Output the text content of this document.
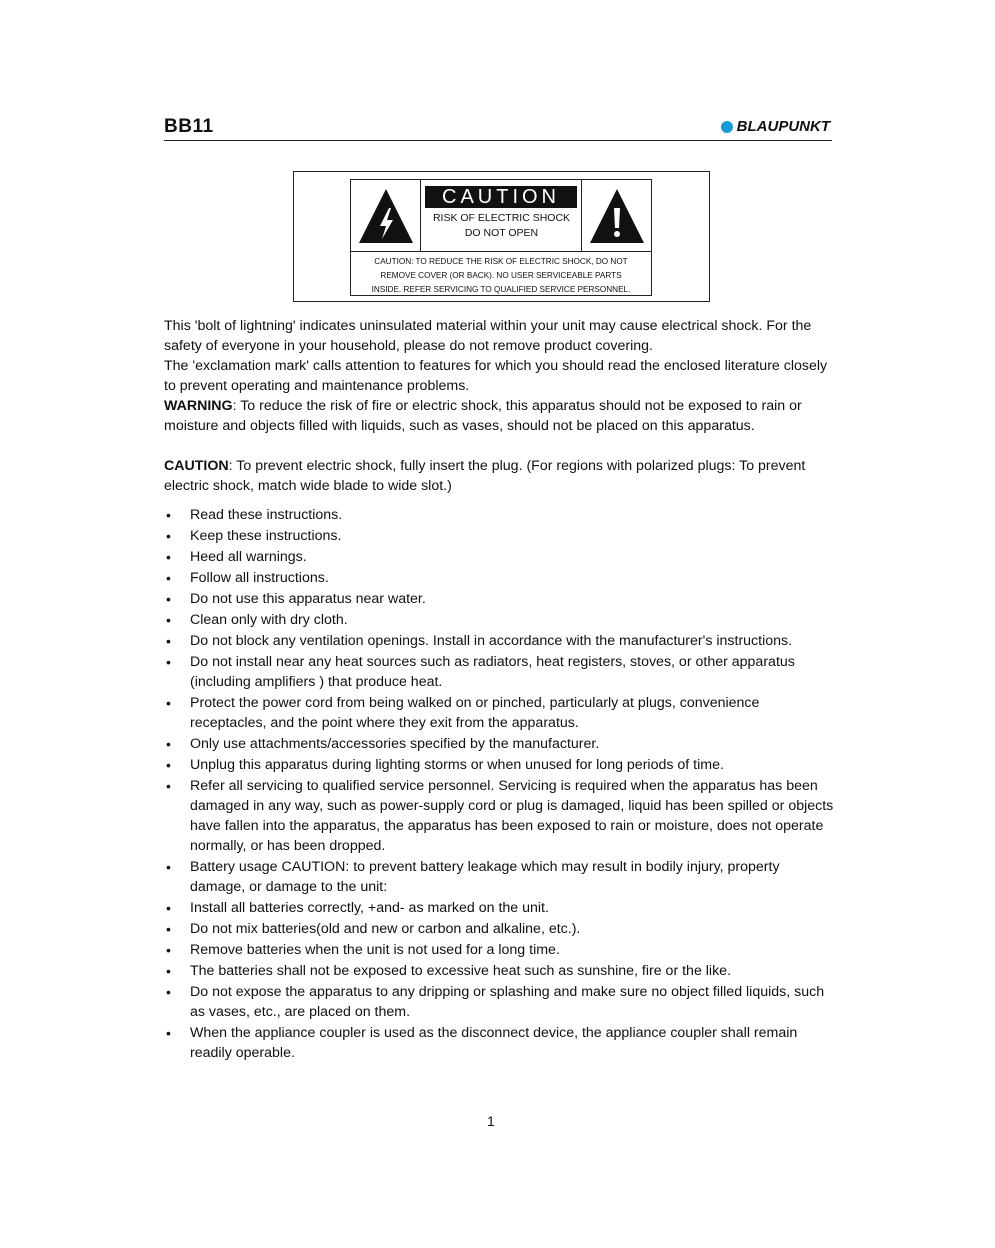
BB11	BLAUPUNKT
CAUTION
RISK OF ELECTRIC SHOCK
DO NOT OPEN
CAUTION: TO REDUCE THE RISK OF ELECTRIC SHOCK, DO NOT
REMOVE COVER (OR BACK). NO USER SERVICEABLE PARTS
INSIDE. REFER SERVICING TO QUALIFIED SERVICE PERSONNEL.

This 'bolt of lightning' indicates uninsulated material within your unit may cause electrical shock. For the safety of everyone in your household, please do not remove product covering.

The 'exclamation mark' calls attention to features for which you should read the enclosed literature closely to prevent operating and maintenance problems.

WARNING: To reduce the risk of fire or electric shock, this apparatus should not be exposed to rain or moisture and objects filled with liquids, such as vases, should not be placed on this apparatus.

CAUTION: To prevent electric shock, fully insert the plug. (For regions with polarized plugs: To prevent electric shock, match wide blade to wide slot.)

• Read these instructions.
• Keep these instructions.
• Heed all warnings.
• Follow all instructions.
• Do not use this apparatus near water.
• Clean only with dry cloth.
• Do not block any ventilation openings. Install in accordance with the manufacturer's instructions.
• Do not install near any heat sources such as radiators, heat registers, stoves, or other apparatus (including amplifiers ) that produce heat.
• Protect the power cord from being walked on or pinched, particularly at plugs, convenience receptacles, and the point where they exit from the apparatus.
• Only use attachments/accessories specified by the manufacturer.
• Unplug this apparatus during lighting storms or when unused for long periods of time.
• Refer all servicing to qualified service personnel. Servicing is required when the apparatus has been damaged in any way, such as power-supply cord or plug is damaged, liquid has been spilled or objects have fallen into the apparatus, the apparatus has been exposed to rain or moisture, does not operate normally, or has been dropped.
• Battery usage CAUTION: to prevent battery leakage which may result in bodily injury, property damage, or damage to the unit:
• Install all batteries correctly, +and- as marked on the unit.
• Do not mix batteries(old and new or carbon and alkaline, etc.).
• Remove batteries when the unit is not used for a long time.
• The batteries shall not be exposed to excessive heat such as sunshine, fire or the like.
• Do not expose the apparatus to any dripping or splashing and make sure no object filled liquids, such as vases, etc., are placed on them.
• When the appliance coupler is used as the disconnect device, the appliance coupler shall remain readily operable.
1
